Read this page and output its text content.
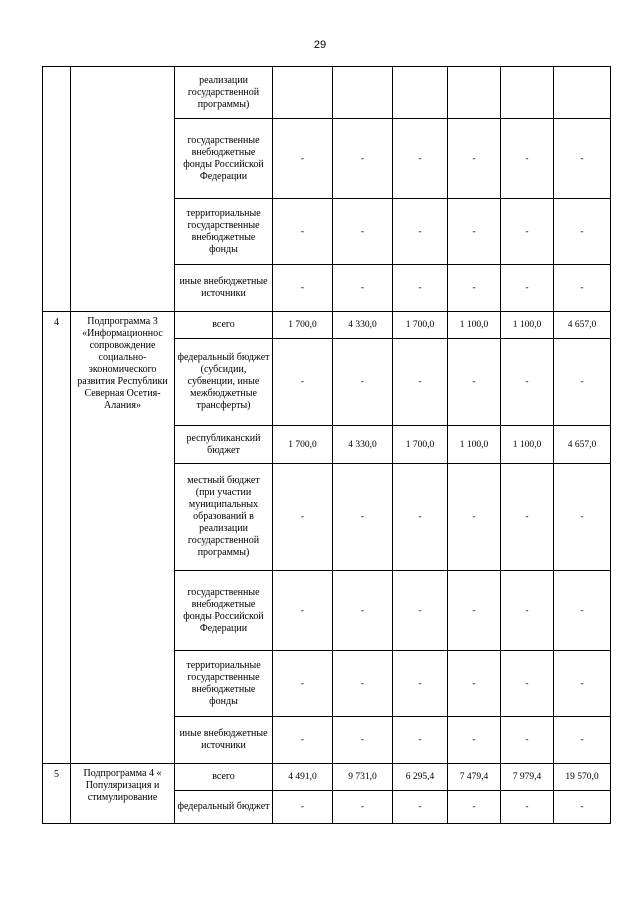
29
		реализации государственной программы)						
		государственные внебюджетные фонды Российской Федерации	-	-	-	-	-	-
		территориальные государственные внебюджетные фонды	-	-	-	-	-	-
		иные внебюджетные источники	-	-	-	-	-	-
4	Подпрограмма 3 «Информационнос сопровождение социально-экономического развития Республики Северная Осетия-Алания»	всего	1 700,0	4 330,0	1 700,0	1 100,0	1 100,0	4 657,0
		федеральный бюджет (субсидии, субвенции, иные межбюджетные трансферты)	-	-	-	-	-	-
		республиканский бюджет	1 700,0	4 330,0	1 700,0	1 100,0	1 100,0	4 657,0
		местный бюджет (при участии муниципальных образований в реализации государственной программы)	-	-	-	-	-	-
		государственные внебюджетные фонды Российской Федерации	-	-	-	-	-	-
		территориальные государственные внебюджетные фонды	-	-	-	-	-	-
		иные внебюджетные источники	-	-	-	-	-	-
5	Подпрограмма 4 « Популяризация и стимулирование	всего	4 491,0	9 731,0	6 295,4	7 479,4	7 979,4	19 570,0
		федеральный бюджет	-	-	-	-	-	-
